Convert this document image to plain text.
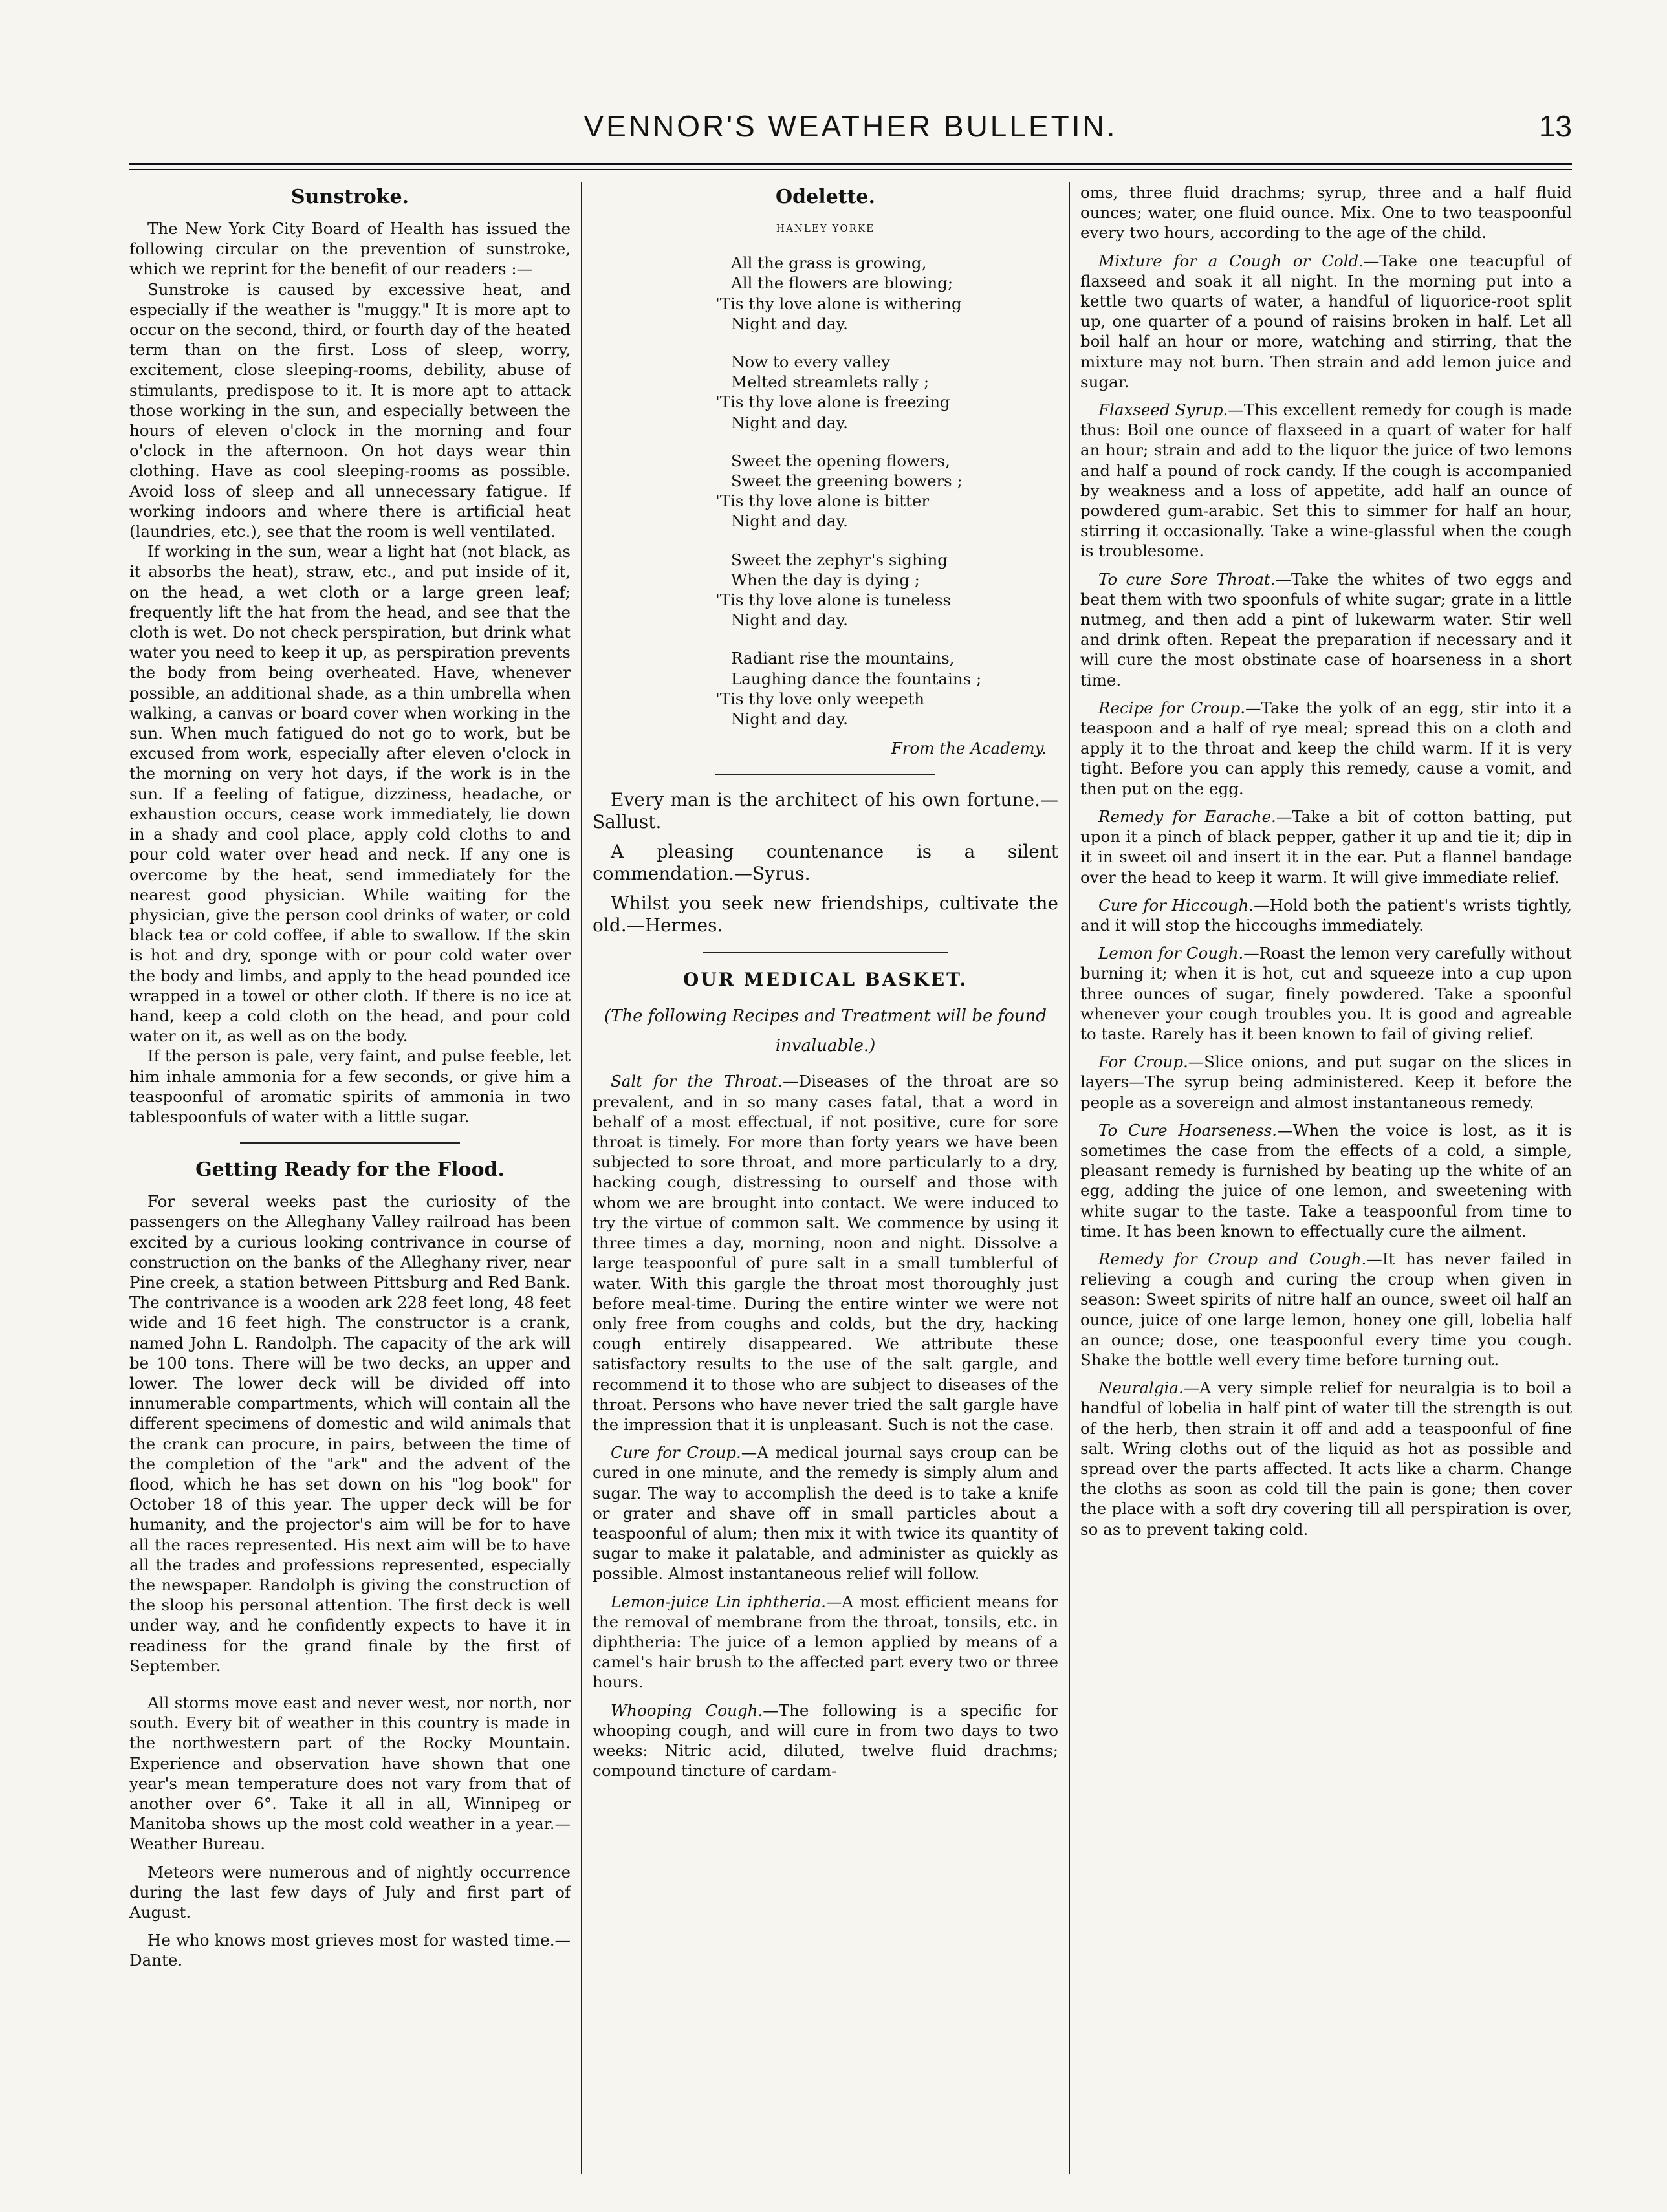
VENNOR'S WEATHER BULLETIN.	13
Sunstroke.

The New York City Board of Health has issued the following circular on the prevention of sunstroke, which we reprint for the benefit of our readers :—

Sunstroke is caused by excessive heat, and especially if the weather is "muggy." It is more apt to occur on the second, third, or fourth day of the heated term than on the first. Loss of sleep, worry, excitement, close sleeping-rooms, debility, abuse of stimulants, predispose to it. It is more apt to attack those working in the sun, and especially between the hours of eleven o'clock in the morning and four o'clock in the afternoon. On hot days wear thin clothing. Have as cool sleeping-rooms as possible. Avoid loss of sleep and all unnecessary fatigue. If working indoors and where there is artificial heat (laundries, etc.), see that the room is well ventilated.

If working in the sun, wear a light hat (not black, as it absorbs the heat), straw, etc., and put inside of it, on the head, a wet cloth or a large green leaf; frequently lift the hat from the head, and see that the cloth is wet. Do not check perspiration, but drink what water you need to keep it up, as perspiration prevents the body from being overheated. Have, whenever possible, an additional shade, as a thin umbrella when walking, a canvas or board cover when working in the sun. When much fatigued do not go to work, but be excused from work, especially after eleven o'clock in the morning on very hot days, if the work is in the sun. If a feeling of fatigue, dizziness, headache, or exhaustion occurs, cease work immediately, lie down in a shady and cool place, apply cold cloths to and pour cold water over head and neck. If any one is overcome by the heat, send immediately for the nearest good physician. While waiting for the physician, give the person cool drinks of water, or cold black tea or cold coffee, if able to swallow. If the skin is hot and dry, sponge with or pour cold water over the body and limbs, and apply to the head pounded ice wrapped in a towel or other cloth. If there is no ice at hand, keep a cold cloth on the head, and pour cold water on it, as well as on the body.

If the person is pale, very faint, and pulse feeble, let him inhale ammonia for a few seconds, or give him a teaspoonful of aromatic spirits of ammonia in two tablespoonfuls of water with a little sugar.

Getting Ready for the Flood.

For several weeks past the curiosity of the passengers on the Alleghany Valley railroad has been excited by a curious looking contrivance in course of construction on the banks of the Alleghany river, near Pine creek, a station between Pittsburg and Red Bank. The contrivance is a wooden ark 228 feet long, 48 feet wide and 16 feet high. The constructor is a crank, named John L. Randolph. The capacity of the ark will be 100 tons. There will be two decks, an upper and lower. The lower deck will be divided off into innumerable compartments, which will contain all the different specimens of domestic and wild animals that the crank can procure, in pairs, between the time of the completion of the "ark" and the advent of the flood, which he has set down on his "log book" for October 18 of this year. The upper deck will be for humanity, and the projector's aim will be for to have all the races represented. His next aim will be to have all the trades and professions represented, especially the newspaper. Randolph is giving the construction of the sloop his personal attention. The first deck is well under way, and he confidently expects to have it in readiness for the grand finale by the first of September.

All storms move east and never west, nor north, nor south. Every bit of weather in this country is made in the northwestern part of the Rocky Mountain. Experience and observation have shown that one year's mean temperature does not vary from that of another over 6°. Take it all in all, Winnipeg or Manitoba shows up the most cold weather in a year.—Weather Bureau.

Meteors were numerous and of nightly occurrence during the last few days of July and first part of August.

He who knows most grieves most for wasted time.—Dante.

Odelette.
HANLEY YORKE
All the grass is growing,
All the flowers are blowing;
'Tis thy love alone is withering
Night and day.
Now to every valley
Melted streamlets rally ;
'Tis thy love alone is freezing
Night and day.
Sweet the opening flowers,
Sweet the greening bowers ;
'Tis thy love alone is bitter
Night and day.
Sweet the zephyr's sighing
When the day is dying ;
'Tis thy love alone is tuneless
Night and day.
Radiant rise the mountains,
Laughing dance the fountains ;
'Tis thy love only weepeth
Night and day.
From the Academy.

Every man is the architect of his own fortune.—Sallust.

A pleasing countenance is a silent commendation.—Syrus.

Whilst you seek new friendships, cultivate the old.—Hermes.

OUR MEDICAL BASKET.
(The following Recipes and Treatment will be found invaluable.)

Salt for the Throat.—Diseases of the throat are so prevalent, and in so many cases fatal, that a word in behalf of a most effectual, if not positive, cure for sore throat is timely. For more than forty years we have been subjected to sore throat, and more particularly to a dry, hacking cough, distressing to ourself and those with whom we are brought into contact. We were induced to try the virtue of common salt. We commence by using it three times a day, morning, noon and night. Dissolve a large teaspoonful of pure salt in a small tumblerful of water. With this gargle the throat most thoroughly just before meal-time. During the entire winter we were not only free from coughs and colds, but the dry, hacking cough entirely disappeared. We attribute these satisfactory results to the use of the salt gargle, and recommend it to those who are subject to diseases of the throat. Persons who have never tried the salt gargle have the impression that it is unpleasant. Such is not the case.

Cure for Croup.—A medical journal says croup can be cured in one minute, and the remedy is simply alum and sugar. The way to accomplish the deed is to take a knife or grater and shave off in small particles about a teaspoonful of alum; then mix it with twice its quantity of sugar to make it palatable, and administer as quickly as possible. Almost instantaneous relief will follow.

Lemon-juice Lin iphtheria.—A most efficient means for the removal of membrane from the throat, tonsils, etc. in diphtheria: The juice of a lemon applied by means of a camel's hair brush to the affected part every two or three hours.

Whooping Cough.—The following is a specific for whooping cough, and will cure in from two days to two weeks: Nitric acid, diluted, twelve fluid drachms; compound tincture of cardam-

oms, three fluid drachms; syrup, three and a half fluid ounces; water, one fluid ounce. Mix. One to two teaspoonful every two hours, according to the age of the child.

Mixture for a Cough or Cold.—Take one teacupful of flaxseed and soak it all night. In the morning put into a kettle two quarts of water, a handful of liquorice-root split up, one quarter of a pound of raisins broken in half. Let all boil half an hour or more, watching and stirring, that the mixture may not burn. Then strain and add lemon juice and sugar.

Flaxseed Syrup.—This excellent remedy for cough is made thus: Boil one ounce of flaxseed in a quart of water for half an hour; strain and add to the liquor the juice of two lemons and half a pound of rock candy. If the cough is accompanied by weakness and a loss of appetite, add half an ounce of powdered gum-arabic. Set this to simmer for half an hour, stirring it occasionally. Take a wine-glassful when the cough is troublesome.

To cure Sore Throat.—Take the whites of two eggs and beat them with two spoonfuls of white sugar; grate in a little nutmeg, and then add a pint of lukewarm water. Stir well and drink often. Repeat the preparation if necessary and it will cure the most obstinate case of hoarseness in a short time.

Recipe for Croup.—Take the yolk of an egg, stir into it a teaspoon and a half of rye meal; spread this on a cloth and apply it to the throat and keep the child warm. If it is very tight. Before you can apply this remedy, cause a vomit, and then put on the egg.

Remedy for Earache.—Take a bit of cotton batting, put upon it a pinch of black pepper, gather it up and tie it; dip in it in sweet oil and insert it in the ear. Put a flannel bandage over the head to keep it warm. It will give immediate relief.

Cure for Hiccough.—Hold both the patient's wrists tightly, and it will stop the hiccoughs immediately.

Lemon for Cough.—Roast the lemon very carefully without burning it; when it is hot, cut and squeeze into a cup upon three ounces of sugar, finely powdered. Take a spoonful whenever your cough troubles you. It is good and agreable to taste. Rarely has it been known to fail of giving relief.

For Croup.—Slice onions, and put sugar on the slices in layers—The syrup being administered. Keep it before the people as a sovereign and almost instantaneous remedy.

To Cure Hoarseness.—When the voice is lost, as it is sometimes the case from the effects of a cold, a simple, pleasant remedy is furnished by beating up the white of an egg, adding the juice of one lemon, and sweetening with white sugar to the taste. Take a teaspoonful from time to time. It has been known to effectually cure the ailment.

Remedy for Croup and Cough.—It has never failed in relieving a cough and curing the croup when given in season: Sweet spirits of nitre half an ounce, sweet oil half an ounce, juice of one large lemon, honey one gill, lobelia half an ounce; dose, one teaspoonful every time you cough. Shake the bottle well every time before turning out.

Neuralgia.—A very simple relief for neuralgia is to boil a handful of lobelia in half pint of water till the strength is out of the herb, then strain it off and add a teaspoonful of fine salt. Wring cloths out of the liquid as hot as possible and spread over the parts affected. It acts like a charm. Change the cloths as soon as cold till the pain is gone; then cover the place with a soft dry covering till all perspiration is over, so as to prevent taking cold.
